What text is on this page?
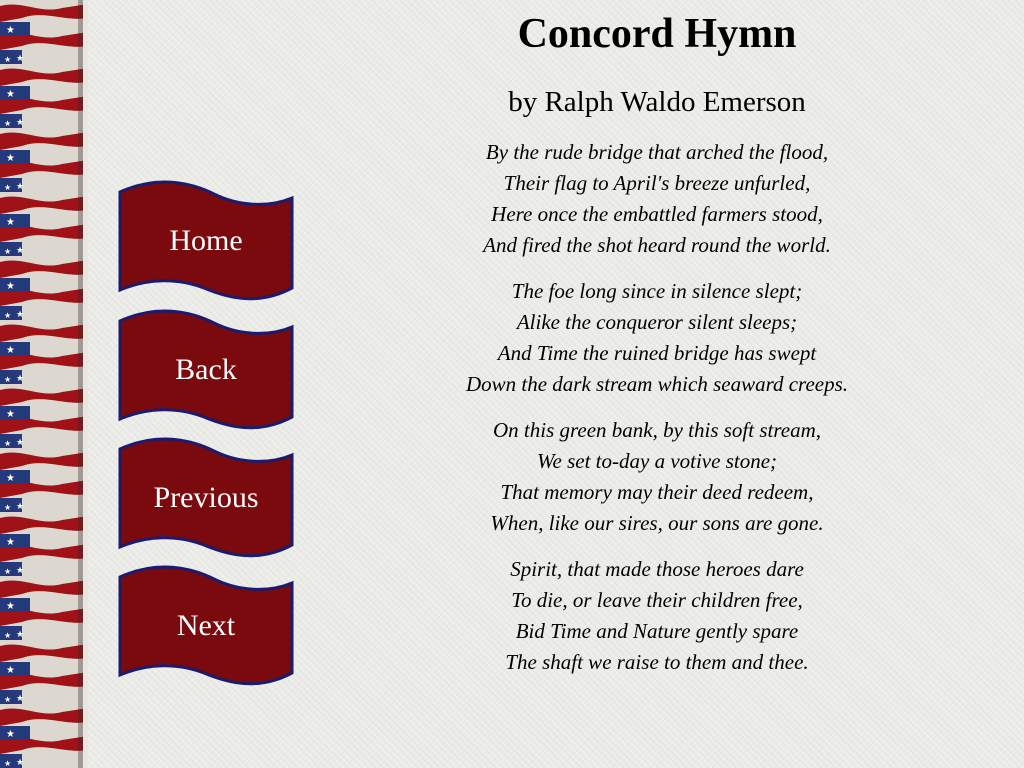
Home
Back
Previous
Next
Concord Hymn
by Ralph Waldo Emerson
By the rude bridge that arched the flood,
Their flag to April's breeze unfurled,
Here once the embattled farmers stood,
And fired the shot heard round the world.
The foe long since in silence slept;
Alike the conqueror silent sleeps;
And Time the ruined bridge has swept
Down the dark stream which seaward creeps.
On this green bank, by this soft stream,
We set to-day a votive stone;
That memory may their deed redeem,
When, like our sires, our sons are gone.
Spirit, that made those heroes dare
To die, or leave their children free,
Bid Time and Nature gently spare
The shaft we raise to them and thee.
